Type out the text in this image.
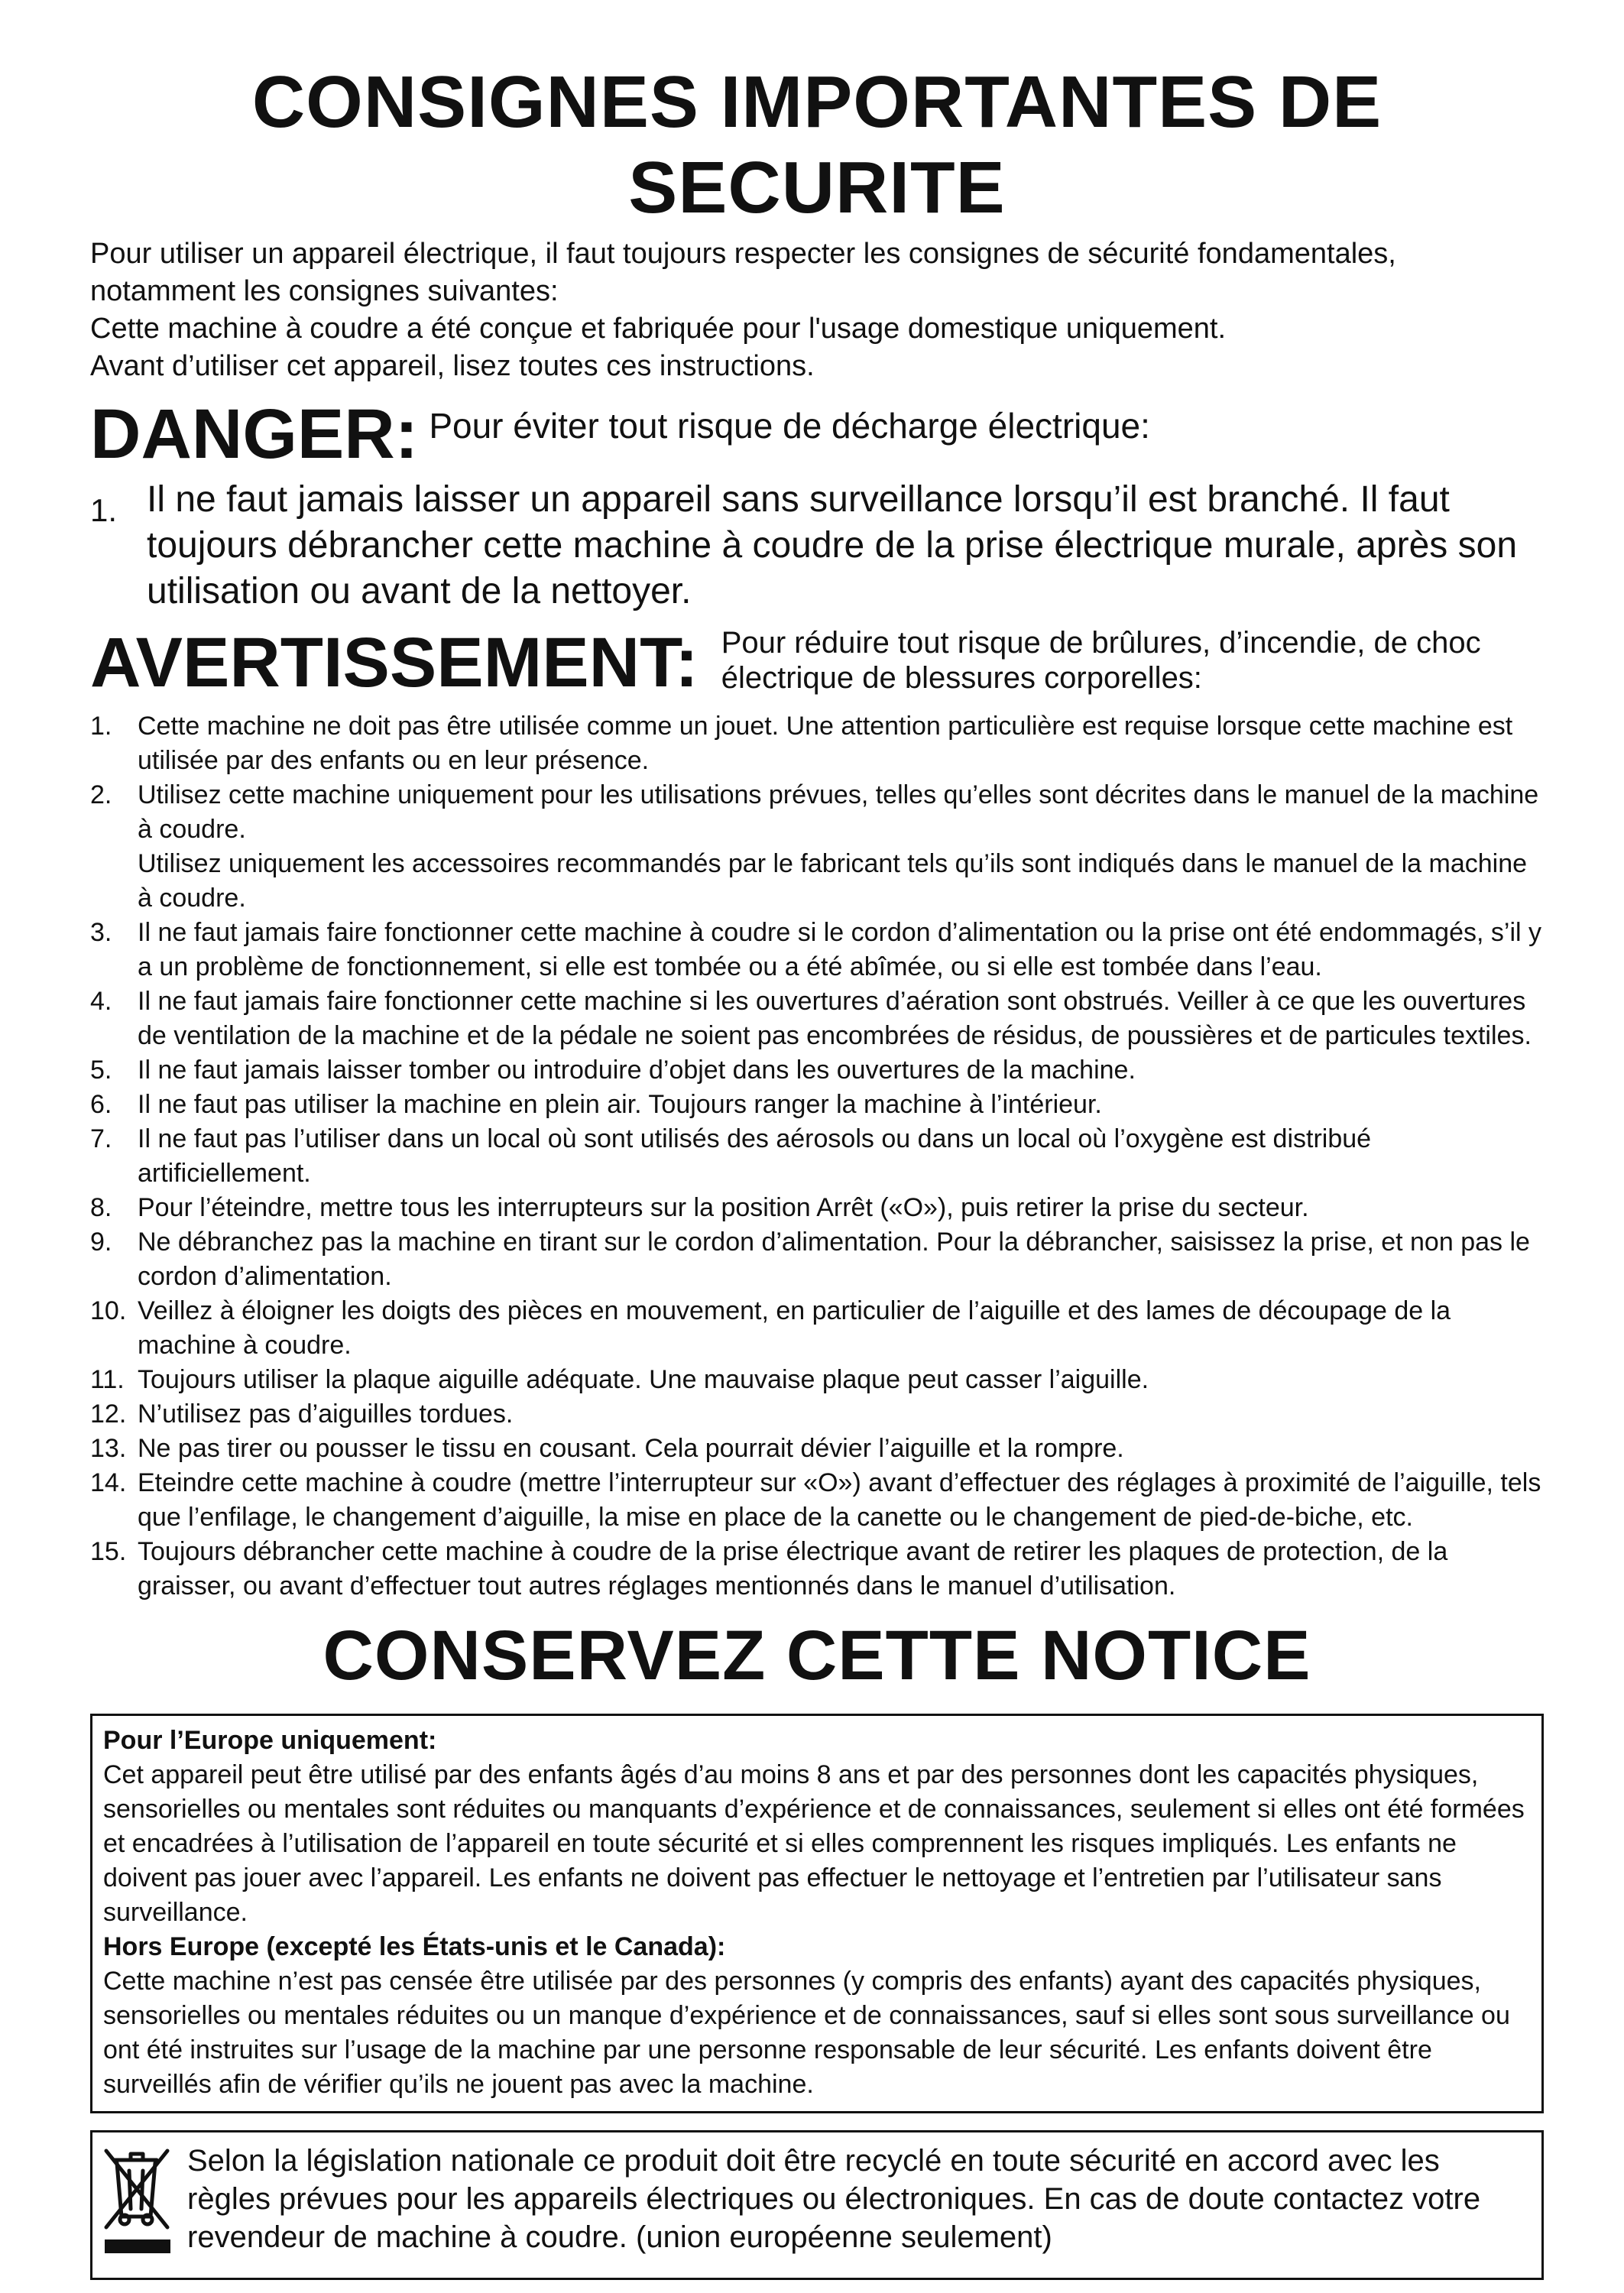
CONSIGNES IMPORTANTES DE SECURITE

Pour utiliser un appareil électrique, il faut toujours respecter les consignes de sécurité fondamentales,

notamment les consignes suivantes:

Cette machine à coudre a été conçue et fabriquée pour l'usage domestique uniquement.

Avant d’utiliser cet appareil, lisez toutes ces instructions.

DANGER: Pour éviter tout risque de décharge électrique:
1. Il ne faut jamais laisser un appareil sans surveillance lorsqu’il est branché. Il faut toujours débrancher cette machine à coudre de la prise électrique murale, après son utilisation ou avant de la nettoyer.
AVERTISSEMENT: Pour réduire tout risque de brûlures, d’incendie, de choc électrique de blessures corporelles:
1. Cette machine ne doit pas être utilisée comme un jouet. Une attention particulière est requise lorsque cette machine est utilisée par des enfants ou en leur présence.
2. Utilisez cette machine uniquement pour les utilisations prévues, telles qu’elles sont décrites dans le manuel de la machine à coudre.

Utilisez uniquement les accessoires recommandés par le fabricant tels qu’ils sont indiqués dans le manuel de la machine à coudre.

3. Il ne faut jamais faire fonctionner cette machine à coudre si le cordon d’alimentation ou la prise ont été endommagés, s’il y a un problème de fonctionnement, si elle est tombée ou a été abîmée, ou si elle est tombée dans l’eau.
4. Il ne faut jamais faire fonctionner cette machine si les ouvertures d’aération sont obstrués. Veiller à ce que les ouvertures de ventilation de la machine et de la pédale ne soient pas encombrées de résidus, de poussières et de particules textiles.
5. Il ne faut jamais laisser tomber ou introduire d’objet dans les ouvertures de la machine.
6. Il ne faut pas utiliser la machine en plein air. Toujours ranger la machine à l’intérieur.
7. Il ne faut pas l’utiliser dans un local où sont utilisés des aérosols ou dans un local où l’oxygène est distribué artificiellement.
8. Pour l’éteindre, mettre tous les interrupteurs sur la position Arrêt («O»), puis retirer la prise du secteur.
9. Ne débranchez pas la machine en tirant sur le cordon d’alimentation. Pour la débrancher, saisissez la prise, et non pas le cordon d’alimentation.
10. Veillez à éloigner les doigts des pièces en mouvement, en particulier de l’aiguille et des lames de découpage de la machine à coudre.
11. Toujours utiliser la plaque aiguille adéquate. Une mauvaise plaque peut casser l’aiguille.
12. N’utilisez pas d’aiguilles tordues.
13. Ne pas tirer ou pousser le tissu en cousant. Cela pourrait dévier l’aiguille et la rompre.
14. Eteindre cette machine à coudre (mettre l’interrupteur sur «O») avant d’effectuer des réglages à proximité de l’aiguille, tels que l’enfilage, le changement d’aiguille, la mise en place de la canette ou le changement de pied-de-biche, etc.
15. Toujours débrancher cette machine à coudre de la prise électrique avant de retirer les plaques de protection, de la graisser, ou avant d’effectuer tout autres réglages mentionnés dans le manuel d’utilisation.
CONSERVEZ CETTE NOTICE

Pour l’Europe uniquement:

Cet appareil peut être utilisé par des enfants âgés d’au moins 8 ans et par des personnes dont les capacités physiques, sensorielles ou mentales sont réduites ou manquants d’expérience et de connaissances, seulement si elles ont été formées et encadrées à l’utilisation de l’appareil en toute sécurité et si elles comprennent les risques impliqués. Les enfants ne doivent pas jouer avec l’appareil. Les enfants ne doivent pas effectuer le nettoyage et l’entretien par l’utilisateur sans surveillance.

Hors Europe (excepté les États-unis et le Canada):

Cette machine n’est pas censée être utilisée par des personnes (y compris des enfants) ayant des capacités physiques, sensorielles ou mentales réduites ou un manque d’expérience et de connaissances, sauf si elles sont sous surveillance ou ont été instruites sur l’usage de la machine par une personne responsable de leur sécurité. Les enfants doivent être surveillés afin de vérifier qu’ils ne jouent pas avec la machine.

Selon la législation nationale ce produit doit être recyclé en toute sécurité en accord avec les règles prévues pour les appareils électriques ou électroniques. En cas de doute contactez votre revendeur de machine à coudre. (union européenne seulement)
